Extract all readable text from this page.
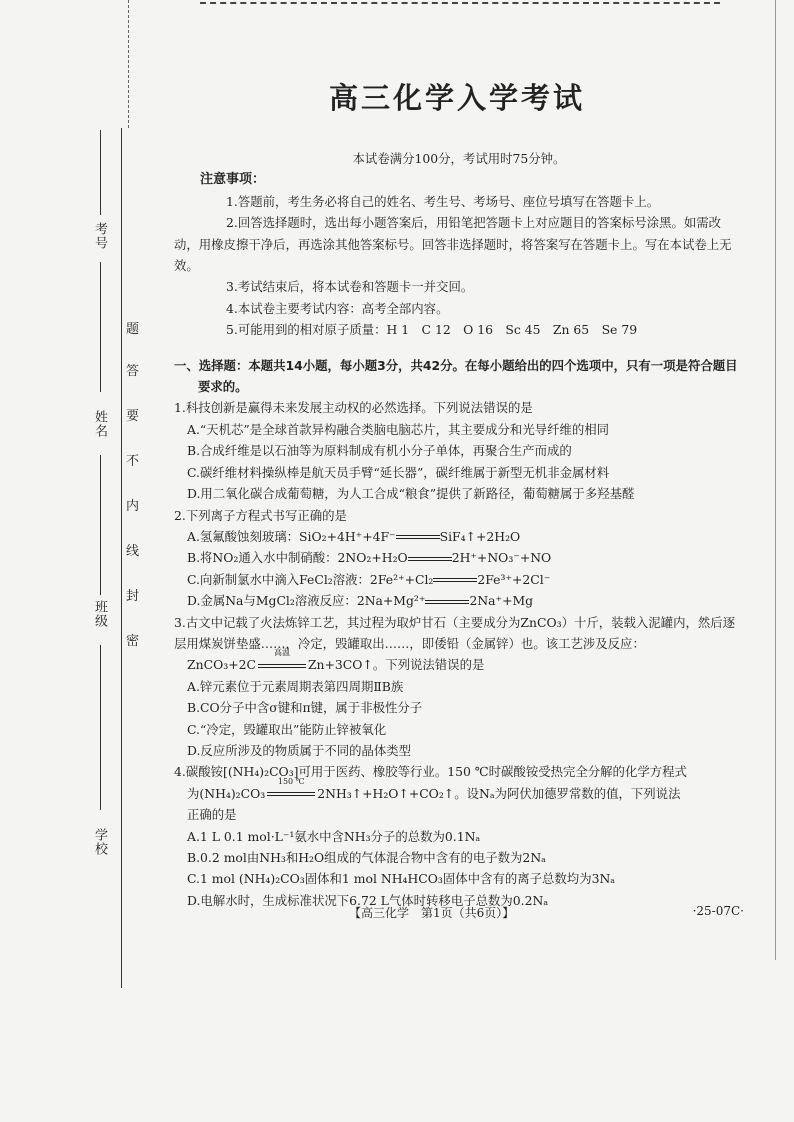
考号
姓名
班级
学校
题
答
要
不
内
线
封
密
高三化学入学考试
本试卷满分100分，考试用时75分钟。
注意事项：
1.答题前，考生务必将自己的姓名、考生号、考场号、座位号填写在答题卡上。
2.回答选择题时，选出每小题答案后，用铅笔把答题卡上对应题目的答案标号涂黑。如需改动，用橡皮擦干净后，再选涂其他答案标号。回答非选择题时，将答案写在答题卡上。写在本试卷上无效。
3.考试结束后，将本试卷和答题卡一并交回。
4.本试卷主要考试内容：高考全部内容。
5.可能用到的相对原子质量：H 1　C 12　O 16　Sc 45　Zn 65　Se 79
一、选择题：本题共14小题，每小题3分，共42分。在每小题给出的四个选项中，只有一项是符合题目要求的。
1.科技创新是赢得未来发展主动权的必然选择。下列说法错误的是
A.“天机芯”是全球首款异构融合类脑电脑芯片，其主要成分和光导纤维的相同
B.合成纤维是以石油等为原料制成有机小分子单体，再聚合生产而成的
C.碳纤维材料操纵棒是航天员手臂“延长器”，碳纤维属于新型无机非金属材料
D.用二氧化碳合成葡萄糖，为人工合成“粮食”提供了新路径，葡萄糖属于多羟基醛
2.下列离子方程式书写正确的是
A.氢氟酸蚀刻玻璃：SiO₂+4H⁺+4F⁻	SiF₄↑+2H₂O
B.将NO₂通入水中制硝酸：2NO₂+H₂O	2H⁺+NO₃⁻+NO
C.向新制氯水中滴入FeCl₂溶液：2Fe²⁺+Cl₂	2Fe³⁺+2Cl⁻
D.金属Na与MgCl₂溶液反应：2Na+Mg²⁺	2Na⁺+Mg
3.古文中记载了火法炼锌工艺，其过程为取炉甘石（主要成分为ZnCO₃）十斤，装载入泥罐内，然后逐层用煤炭饼垫盛……，冷定，毁罐取出……，即倭铅（金属锌）也。该工艺涉及反应：
ZnCO₃+2C
高温
Zn+3CO↑。下列说法错误的是
A.锌元素位于元素周期表第四周期ⅡB族
B.CO分子中含σ键和π键，属于非极性分子
C.“冷定，毁罐取出”能防止锌被氧化
D.反应所涉及的物质属于不同的晶体类型
4.碳酸铵[(NH₄)₂CO₃]可用于医药、橡胶等行业。150 ℃时碳酸铵受热完全分解的化学方程式
为(NH₄)₂CO₃
150 ℃
2NH₃↑+H₂O↑+CO₂↑。设Nₐ为阿伏加德罗常数的值，下列说法
正确的是
A.1 L 0.1 mol·L⁻¹氨水中含NH₃分子的总数为0.1Nₐ
B.0.2 mol由NH₃和H₂O组成的气体混合物中含有的电子数为2Nₐ
C.1 mol (NH₄)₂CO₃固体和1 mol NH₄HCO₃固体中含有的离子总数均为3Nₐ
D.电解水时，生成标准状况下6.72 L气体时转移电子总数为0.2Nₐ
【高三化学　第1页（共6页）】	·25-07C·
